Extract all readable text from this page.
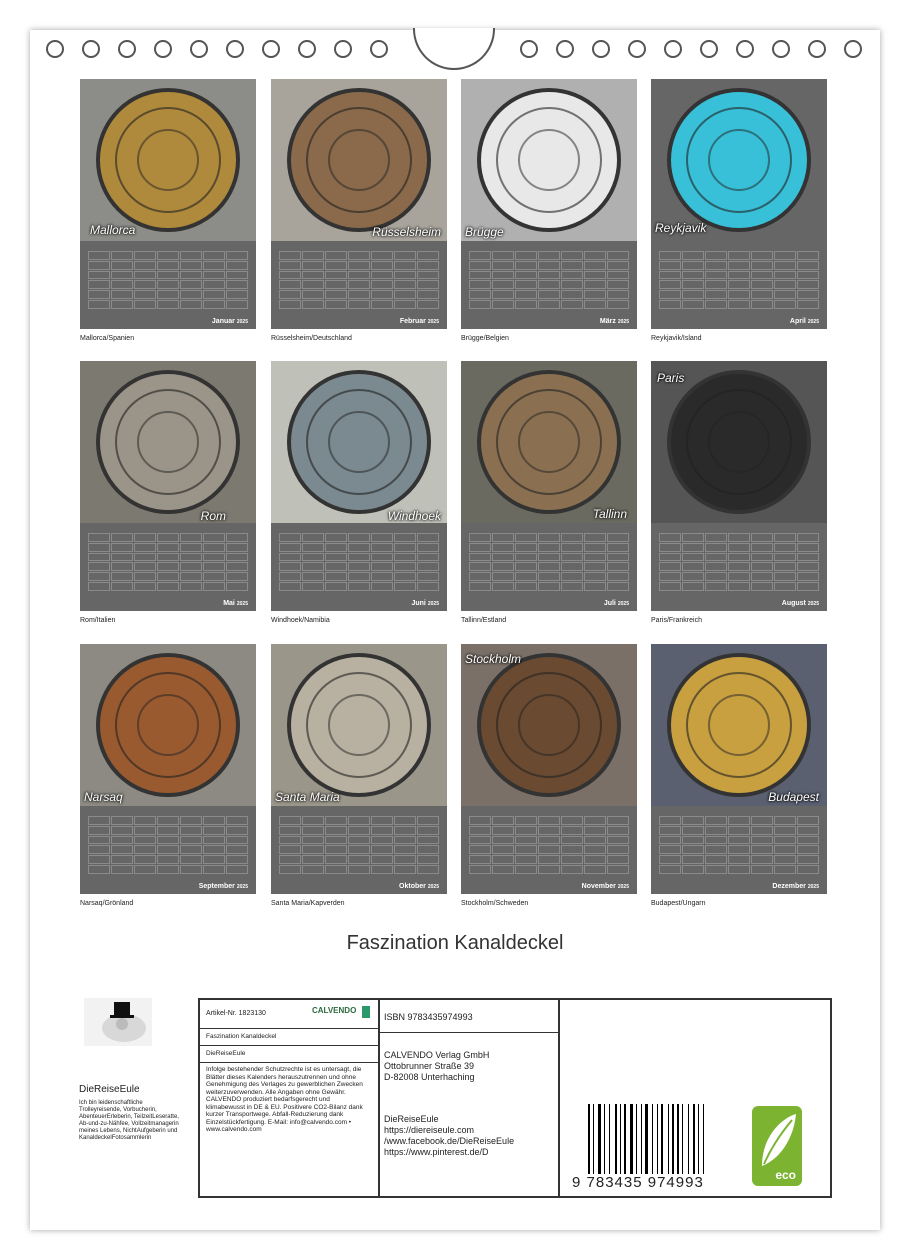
Mallorca
Januar 2025
Mallorca/Spanien
Rüsselsheim
Februar 2025
Rüsselsheim/Deutschland
Brügge
März 2025
Brügge/Belgien
Reykjavik
April 2025
Reykjavik/Island
Rom
Mai 2025
Rom/Italien
Windhoek
Juni 2025
Windhoek/Namibia
Tallinn
Juli 2025
Tallinn/Estland
Paris
August 2025
Paris/Frankreich
Narsaq
September 2025
Narsaq/Grönland
Santa Maria
Oktober 2025
Santa Maria/Kapverden
Stockholm
November 2025
Stockholm/Schweden
Budapest
Dezember 2025
Budapest/Ungarn
Faszination Kanaldeckel
DieReiseEule
Ich bin leidenschaftliche Trolleyreisende, Vorbucherin, AbenteuerErleberin, TeilzeitLeseratte, Ab-und-zu-Nähfee, Vollzeitmanagerin meines Lebens, NichtAufgeberin und KanaldeckelFotosammlerin
Artikel-Nr. 1823130	CALVENDO
Faszination Kanaldeckel
DieReiseEule
Infolge bestehender Schutzrechte ist es untersagt, die Blätter dieses Kalenders herauszutrennen und ohne Genehmigung des Verlages zu gewerblichen Zwecken weiterzuverwenden. Alle Angaben ohne Gewähr. CALVENDO produziert bedarfsgerecht und klimabewusst in DE & EU. Positivere CO2-Bilanz dank kurzer Transportwege. Abfall-Reduzierung dank Einzelstückfertigung. E-Mail: info@calvendo.com • www.calvendo.com
ISBN 9783435974993
CALVENDO Verlag GmbH
Ottobrunner Straße 39
D-82008 Unterhaching
DieReiseEule
https://diereiseule.com
/www.facebook.de/DieReiseEule
https://www.pinterest.de/D
9 783435 974993	eco
